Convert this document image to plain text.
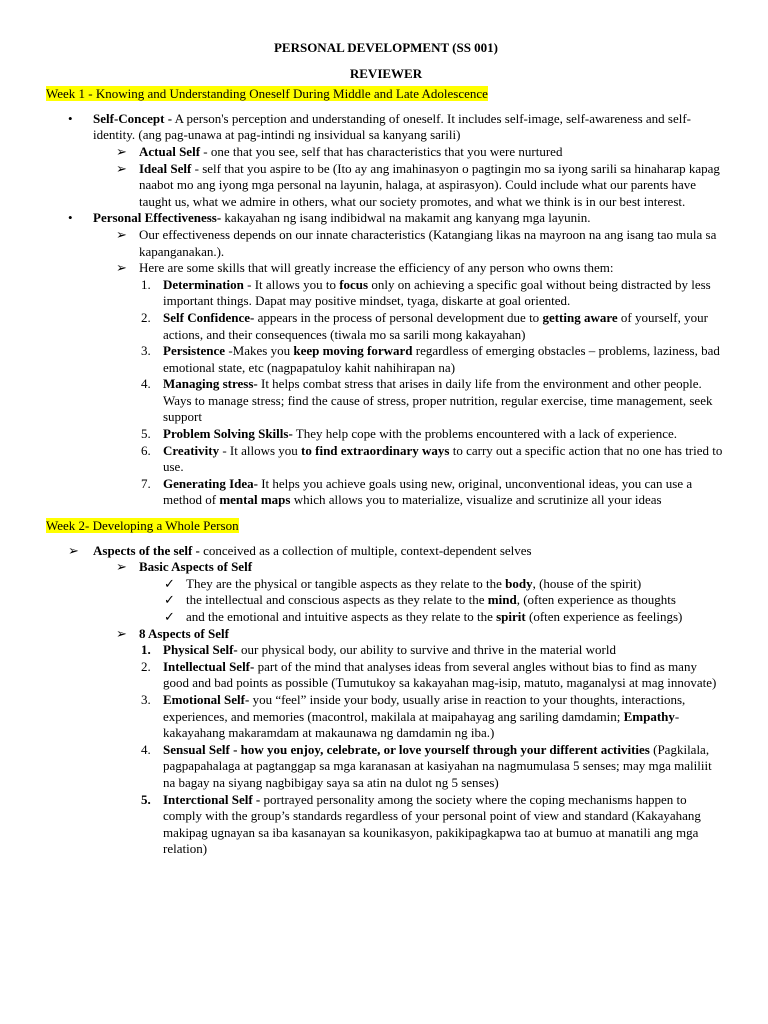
PERSONAL DEVELOPMENT (SS 001)
REVIEWER
Week 1 - Knowing and Understanding Oneself During Middle and Late Adolescence
• Self-Concept - A person's perception and understanding of oneself. It includes self-image, self-awareness and self-identity. (ang pag-unawa at pag-intindi ng insividual sa kanyang sarili)
➢ Actual Self - one that you see, self that has characteristics that you were nurtured
➢ Ideal Self - self that you aspire to be (Ito ay ang imahinasyon o pagtingin mo sa iyong sarili sa hinaharap kapag naabot mo ang iyong mga personal na layunin, halaga, at aspirasyon). Could include what our parents have taught us, what we admire in others, what our society promotes, and what we think is in our best interest.
• Personal Effectiveness- kakayahan ng isang indibidwal na makamit ang kanyang mga layunin.
➢ Our effectiveness depends on our innate characteristics (Katangiang likas na mayroon na ang isang tao mula sa kapanganakan.).
➢ Here are some skills that will greatly increase the efficiency of any person who owns them:
1. Determination - It allows you to focus only on achieving a specific goal without being distracted by less important things. Dapat may positive mindset, tyaga, diskarte at goal oriented.
2. Self Confidence- appears in the process of personal development due to getting aware of yourself, your actions, and their consequences (tiwala mo sa sarili mong kakayahan)
3. Persistence -Makes you keep moving forward regardless of emerging obstacles – problems, laziness, bad emotional state, etc (nagpapatuloy kahit nahihirapan na)
4. Managing stress- It helps combat stress that arises in daily life from the environment and other people. Ways to manage stress; find the cause of stress, proper nutrition, regular exercise, time management, seek support
5. Problem Solving Skills- They help cope with the problems encountered with a lack of experience.
6. Creativity - It allows you to find extraordinary ways to carry out a specific action that no one has tried to use.
7. Generating Idea- It helps you achieve goals using new, original, unconventional ideas, you can use a method of mental maps which allows you to materialize, visualize and scrutinize all your ideas
Week 2- Developing a Whole Person
➢ Aspects of the self - conceived as a collection of multiple, context-dependent selves
➢ Basic Aspects of Self
✓ They are the physical or tangible aspects as they relate to the body, (house of the spirit)
✓ the intellectual and conscious aspects as they relate to the mind, (often experience as thoughts
✓ and the emotional and intuitive aspects as they relate to the spirit (often experience as feelings)
➢ 8 Aspects of Self
1. Physical Self- our physical body, our ability to survive and thrive in the material world
2. Intellectual Self- part of the mind that analyses ideas from several angles without bias to find as many good and bad points as possible (Tumutukoy sa kakayahan mag-isip, matuto, maganalysi at mag innovate)
3. Emotional Self- you “feel” inside your body, usually arise in reaction to your thoughts, interactions, experiences, and memories (macontrol, makilala at maipahayag ang sariling damdamin; Empathy-kakayahang makaramdam at makaunawa ng damdamin ng iba.)
4. Sensual Self - how you enjoy, celebrate, or love yourself through your different activities (Pagkilala, pagpapahalaga at pagtanggap sa mga karanasan at kasiyahan na nagmumulasa 5 senses; may mga maliliit na bagay na siyang nagbibigay saya sa atin na dulot ng 5 senses)
5. Interctional Self - portrayed personality among the society where the coping mechanisms happen to comply with the group’s standards regardless of your personal point of view and standard (Kakayahang makipag ugnayan sa iba kasanayan sa kounikasyon, pakikipagkapwa tao at bumuo at manatili ang mga relation)
